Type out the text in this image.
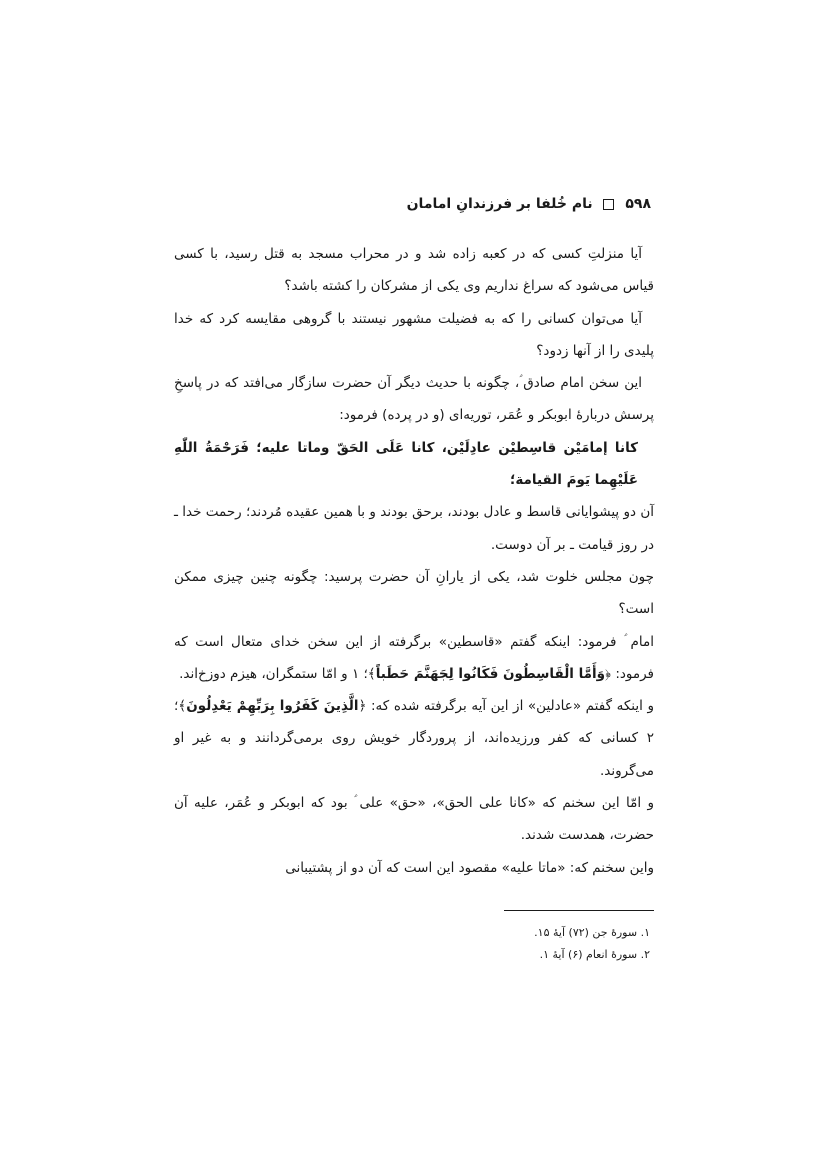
۵۹۸  نام خُلفا بر فرزندانِ امامان

آیا منزلتِ کسی که در کعبه زاده شد و در محراب مسجد به قتل رسید، با کسی قیاس می‌شود که سراغ نداریم وی یکی از مشرکان را کشته باشد؟

آیا می‌توان کسانی را که به فضیلت مشهور نیستند با گروهی مقایسه کرد که خدا پلیدی را از آنها زدود؟

این سخن امام صادق ؑ، چگونه با حدیث دیگر آن حضرت سازگار می‌افتد که در پاسخِ پرسش دربارهٔ ابوبکر و عُمَر، توریه‌ای (و در پرده) فرمود:

کانا إمامَیْن قاسِطیْن عادِلَیْن، کانا عَلَی الحَقّ وماتا علیه؛ فَرَحْمَةُ اللّٰهِ عَلَیْهِما یَومَ القیامة؛

آن دو پیشوایانی قاسط و عادل بودند، برحق بودند و با همین عقیده مُردند؛ رحمت خدا ـ در روز قیامت ـ بر آن دوست.

چون مجلس خلوت شد، یکی از یارانِ آن حضرت پرسید: چگونه چنین چیزی ممکن است؟

امام ؑ فرمود: اینکه گفتم «قاسطین» برگرفته از این سخن خدای متعال است که فرمود: ﴿وَأَمَّا الْقَاسِطُونَ فَكَانُوا لِجَهَنَّمَ حَطَباً﴾؛ ۱ و امّا ستمگران، هیزم دوزخ‌اند.

و اینکه گفتم «عادلین» از این آیه برگرفته شده که: ﴿الَّذِینَ كَفَرُوا بِرَبِّهِمْ يَعْدِلُونَ﴾؛ ۲ کسانی که کفر ورزیده‌اند، از پروردگار خویش روی برمی‌گردانند و به غیر او می‌گروند.

و امّا این سخنم که «کانا علی الحق»، «حق» علی ؑ بود که ابوبکر و عُمَر، علیه آن حضرت، همدست شدند.

واین سخنم که: «ماتا علیه» مقصود این است که آن دو از پشتیبانی

۱. سورهٔ جن (۷۲) آیهٔ ۱۵.
۲. سورهٔ انعام (۶) آیهٔ ۱.
